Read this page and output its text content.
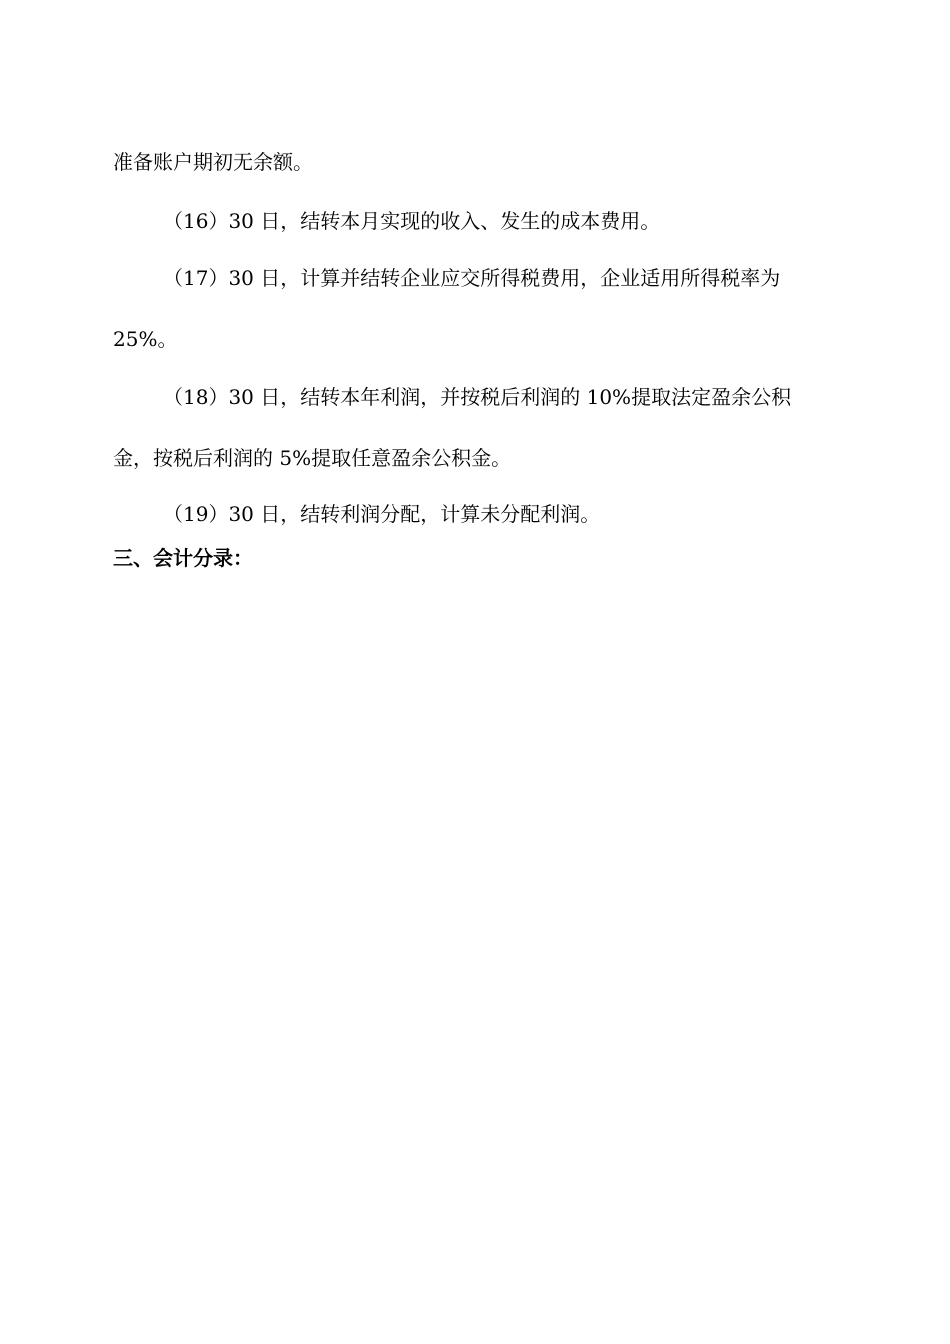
准备账户期初无余额。
（16）30 日，结转本月实现的收入、发生的成本费用。
（17）30 日，计算并结转企业应交所得税费用，企业适用所得税率为
25%。
（18）30 日，结转本年利润，并按税后利润的 10%提取法定盈余公积
金，按税后利润的 5%提取任意盈余公积金。
（19）30 日，结转利润分配，计算未分配利润。
三、会计分录：
